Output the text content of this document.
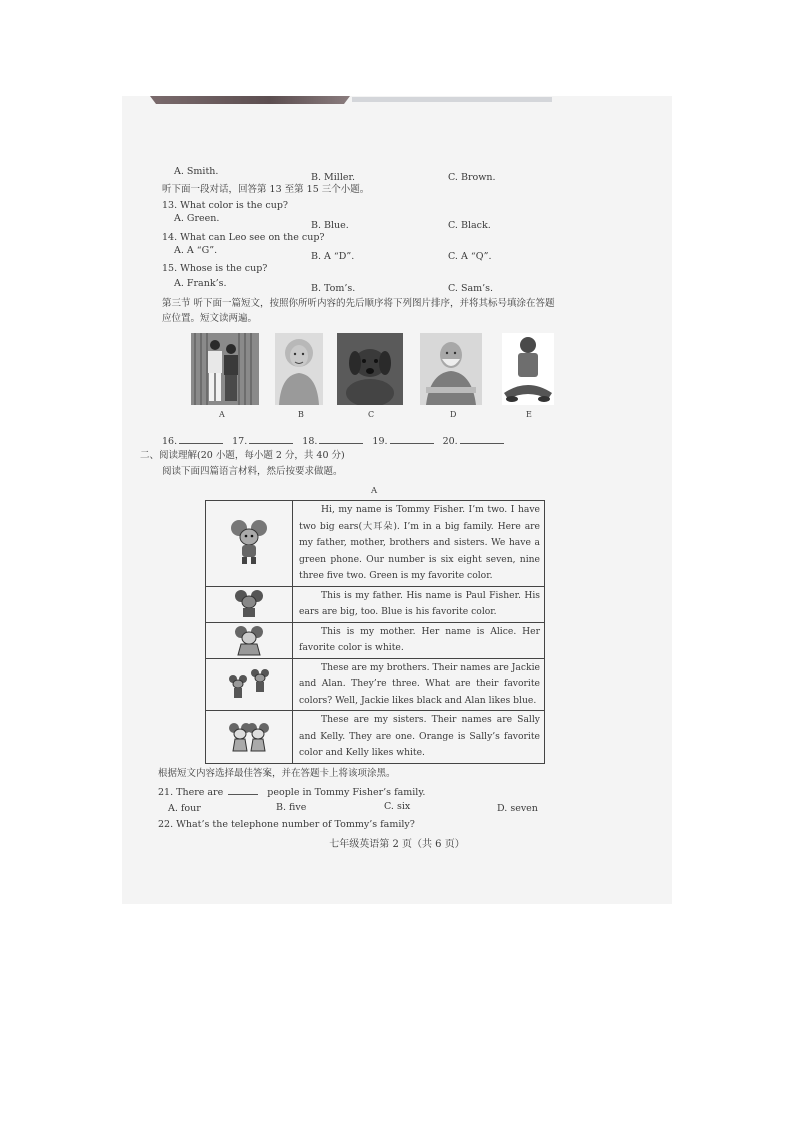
A. Smith.
B. Miller.	C. Brown.
听下面一段对话，回答第 13 至第 15 三个小题。
13. What color is the cup?
A. Green.
B. Blue.	C. Black.
14. What can Leo see on the cup?
A. A “G”.
B. A “D”.	C. A “Q”.
15. Whose is the cup?
A. Frank’s.	B. Tom’s.	C. Sam’s.
第三节 听下面一篇短文，按照你所听内容的先后顺序将下列图片排序，并将其标号填涂在答题
应位置。短文读两遍。
A	B	C	D	E
16.	17.	18.	19.	20.
二、阅读理解(20 小题，每小题 2 分，共 40 分)
阅读下面四篇语言材料，然后按要求做题。
A
	Hi, my name is Tommy Fisher. I’m two. I have two big ears(大耳朵). I’m in a big family. Here are my father, mother, brothers and sisters. We have a green phone. Our number is six eight seven, nine three five two. Green is my favorite color.

	This is my father. His name is Paul Fisher. His ears are big, too. Blue is his favorite color.

	This is my mother. Her name is Alice. Her favorite color is white.

	These are my brothers. Their names are Jackie and Alan. They’re three. What are their favorite colors? Well, Jackie likes black and Alan likes blue.

	These are my sisters. Their names are Sally and Kelly. They are one. Orange is Sally’s favorite color and Kelly likes white.
根据短文内容选择最佳答案，并在答题卡上将该项涂黑。
21. There are	people in Tommy Fisher’s family.
A. four	B. five	C. six	D. seven
22. What’s the telephone number of Tommy’s family?
七年级英语第 2 页（共 6 页）
